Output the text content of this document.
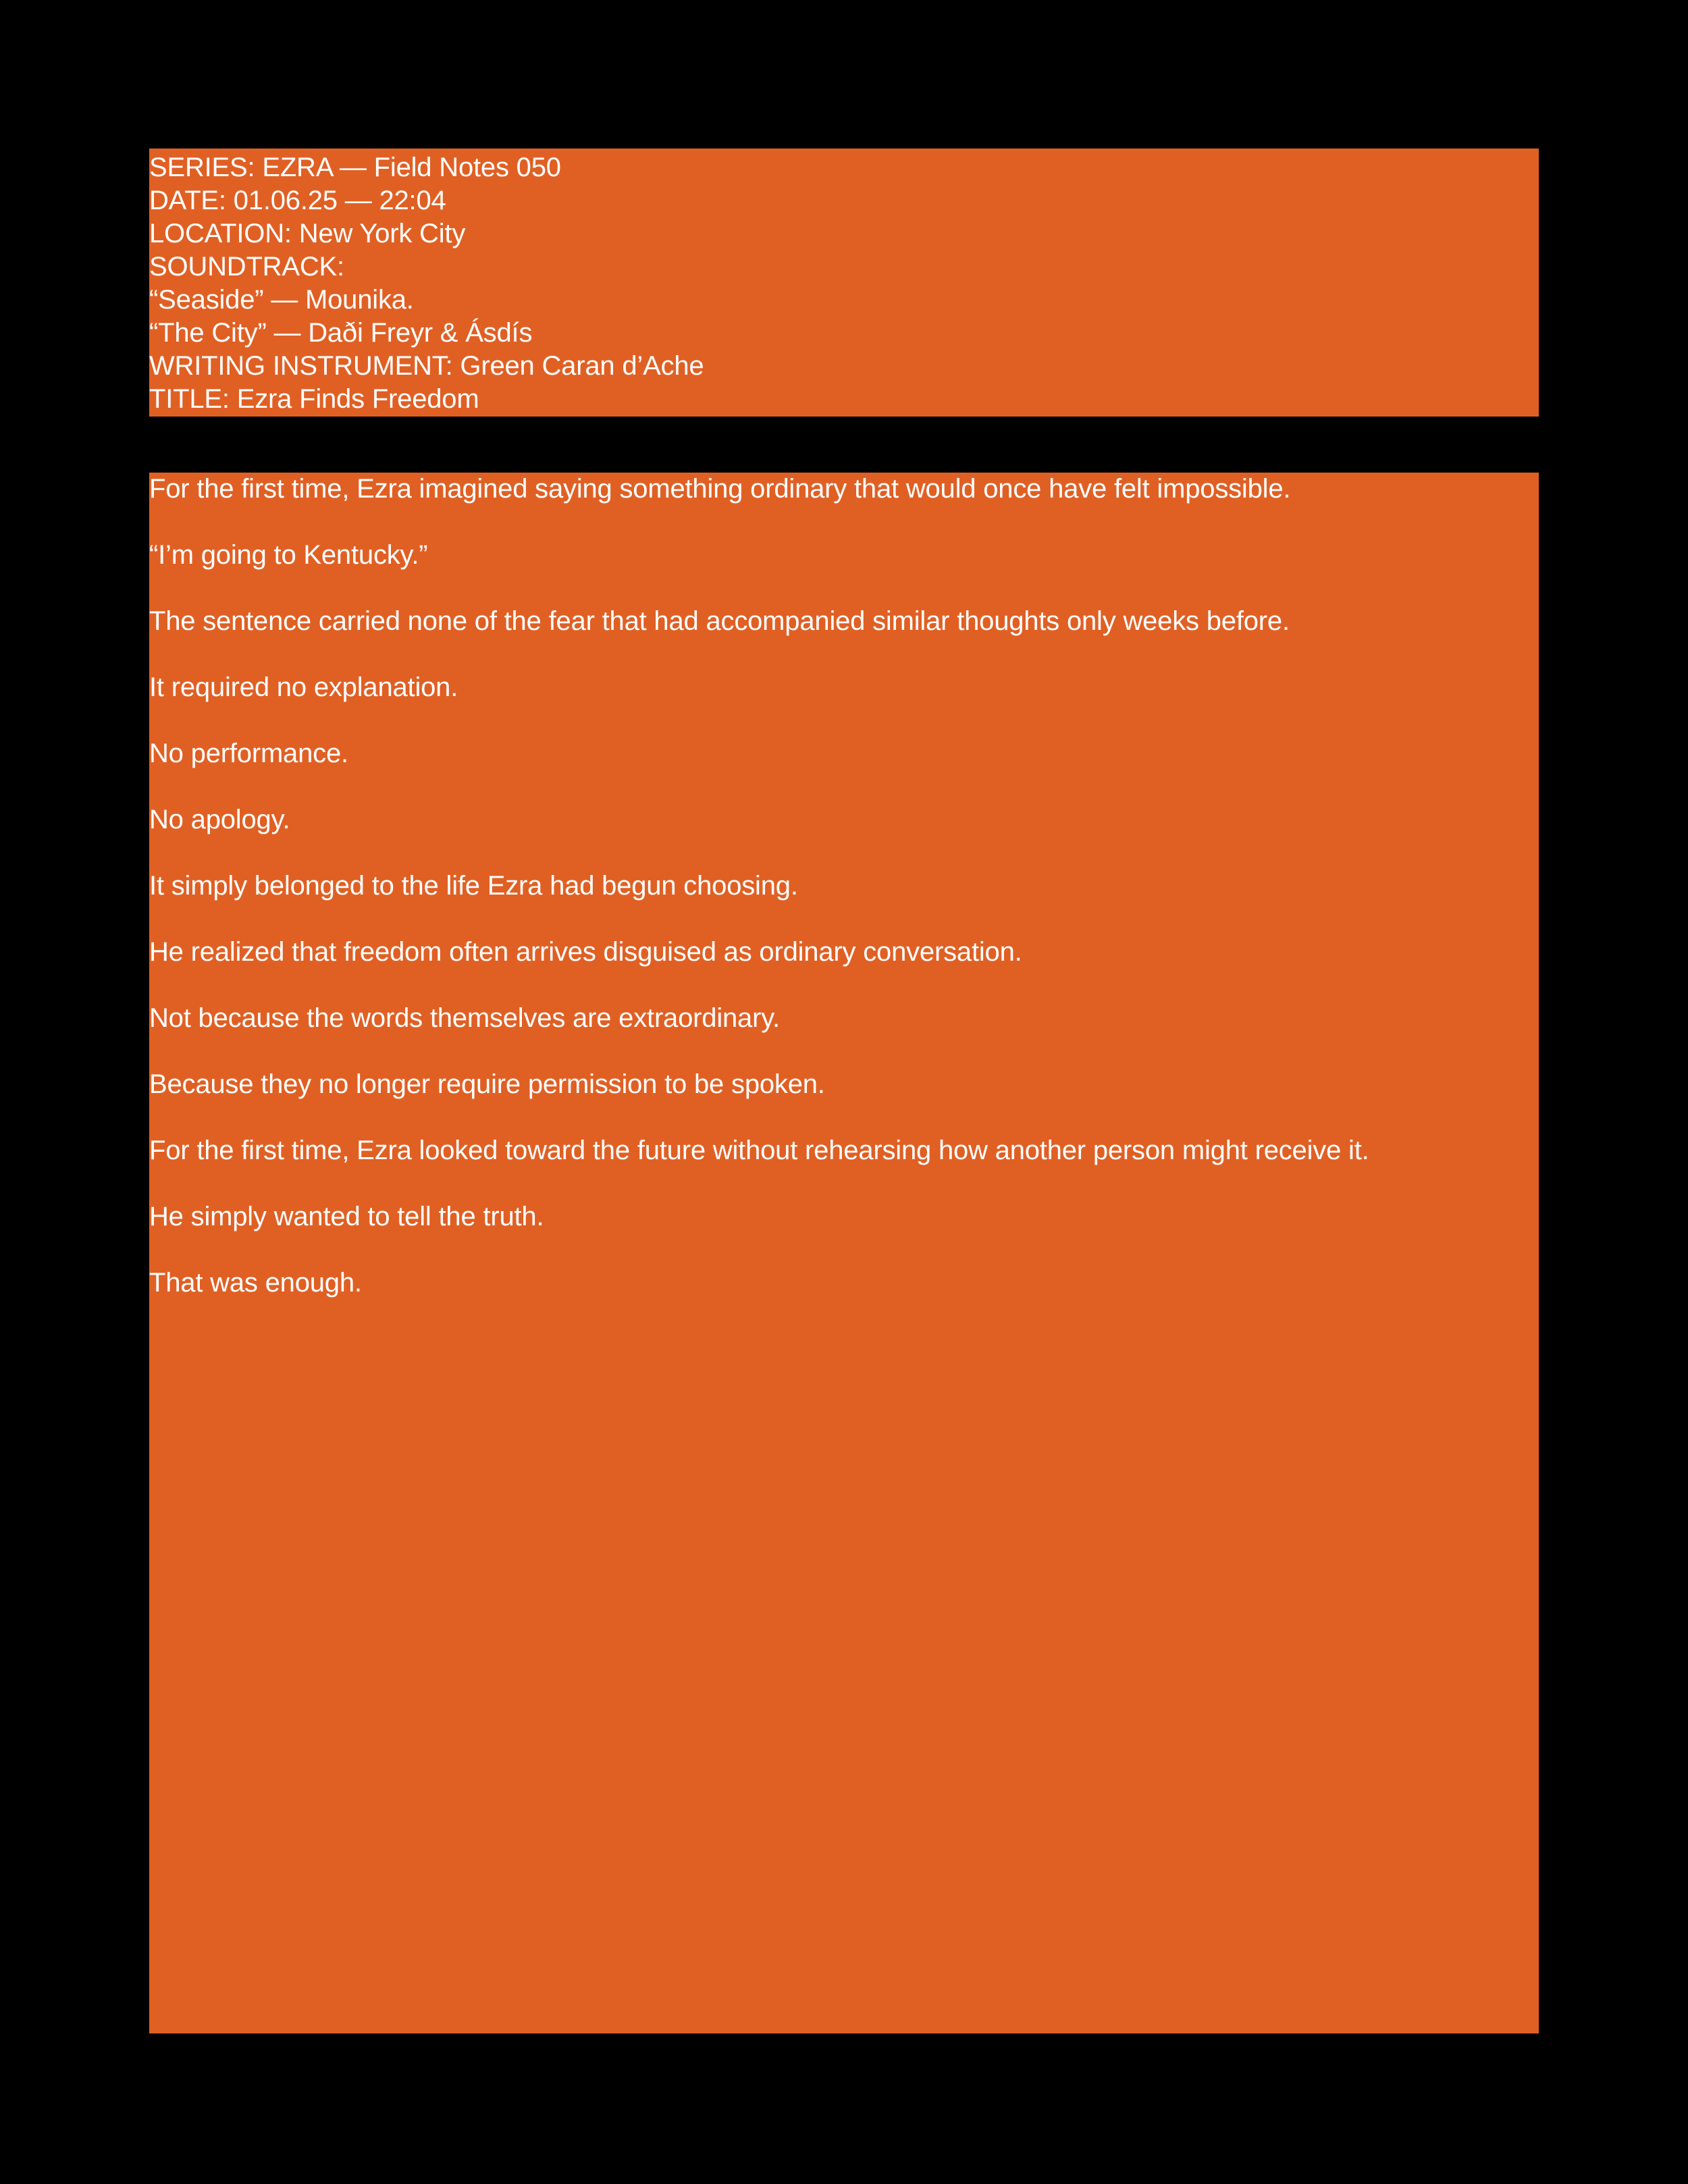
SERIES: EZRA — Field Notes 050
DATE: 01.06.25 — 22:04
LOCATION: New York City
SOUNDTRACK:
“Seaside” — Mounika.
“The City” — Daði Freyr & Ásdís
WRITING INSTRUMENT: Green Caran d’Ache
TITLE: Ezra Finds Freedom

For the first time, Ezra imagined saying something ordinary that would once have felt impossible.

“I’m going to Kentucky.”

The sentence carried none of the fear that had accompanied similar thoughts only weeks before.

It required no explanation.

No performance.

No apology.

It simply belonged to the life Ezra had begun choosing.

He realized that freedom often arrives disguised as ordinary conversation.

Not because the words themselves are extraordinary.

Because they no longer require permission to be spoken.

For the first time, Ezra looked toward the future without rehearsing how another person might receive it.

He simply wanted to tell the truth.

That was enough.
